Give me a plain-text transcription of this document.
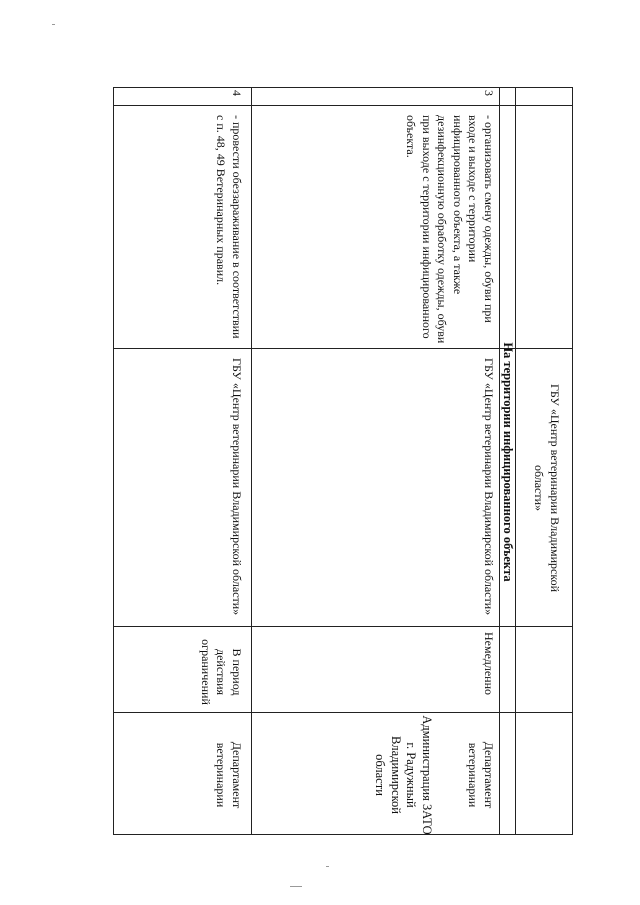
ГБУ «Центр ветеринарии Владимирской области»
На территории инфицированного объекта
3
- организовать смену одежды, обуви при входе и выходе с территории инфицированного объекта, а также дезинфекционную обработку одежды, обуви при выходе с территории инфицированного объекта.
ГБУ «Центр ветеринарии Владимирской области»
Немедленно
Департамент ветеринарии
Администрация ЗАТО г. Радужный Владимирской области
4
- провести обеззараживание в соответствии с п. 48, 49 Ветеринарных правил.
ГБУ «Центр ветеринарии Владимирской области»
В период действия ограничений
Департамент ветеринарии
